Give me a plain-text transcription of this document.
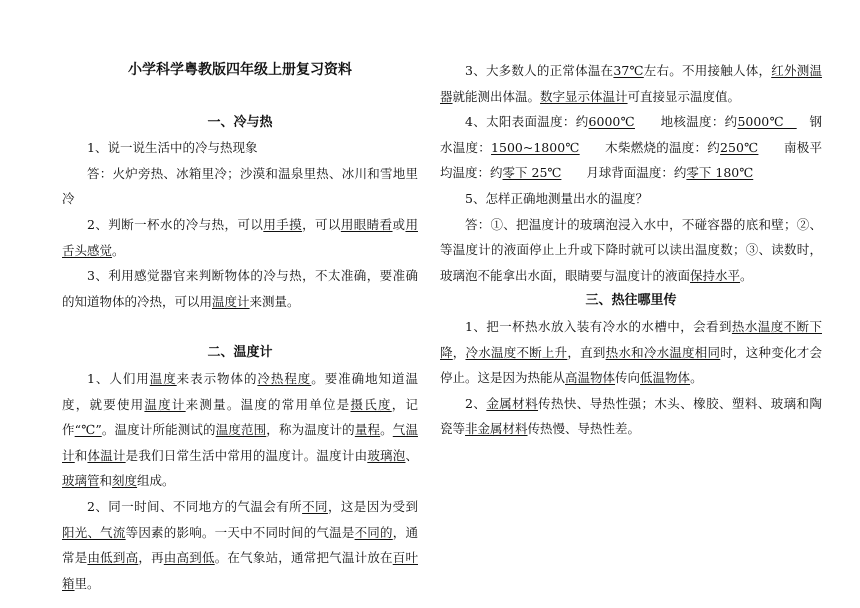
小学科学粤教版四年级上册复习资料

一、冷与热

1、说一说生活中的冷与热现象

答：火炉旁热、冰箱里冷；沙漠和温泉里热、冰川和雪地里冷

2、判断一杯水的冷与热，可以用手摸，可以用眼睛看或用舌头感觉。

3、利用感觉器官来判断物体的冷与热，不太准确，要准确的知道物体的冷热，可以用温度计来测量。

二、温度计

1、人们用温度来表示物体的冷热程度。要准确地知道温度，就要使用温度计来测量。温度的常用单位是摄氏度，记作“℃”。温度计所能测试的温度范围，称为温度计的量程。气温计和体温计是我们日常生活中常用的温度计。温度计由玻璃泡、玻璃管和刻度组成。

2、同一时间、不同地方的气温会有所不同，这是因为受到阳光、气流等因素的影响。一天中不同时间的气温是不同的，通常是由低到高，再由高到低。在气象站，通常把气温计放在百叶箱里。

3、大多数人的正常体温在37℃左右。不用接触人体，红外测温器就能测出体温。数字显示体温计可直接显示温度值。

4、太阳表面温度：约6000℃　　地核温度：约5000℃　　钢水温度：1500~1800℃　　木柴燃烧的温度：约250℃　　南极平均温度：约零下 25℃　　月球背面温度：约零下 180℃

5、怎样正确地测量出水的温度？

答：①、把温度计的玻璃泡浸入水中，不碰容器的底和壁；②、等温度计的液面停止上升或下降时就可以读出温度数；③、读数时，玻璃泡不能拿出水面，眼睛要与温度计的液面保持水平。

三、热往哪里传

1、把一杯热水放入装有冷水的水槽中，会看到热水温度不断下降，冷水温度不断上升，直到热水和冷水温度相同时，这种变化才会停止。这是因为热能从高温物体传向低温物体。

2、金属材料传热快、导热性强；木头、橡胶、塑料、玻璃和陶瓷等非金属材料传热慢、导热性差。
